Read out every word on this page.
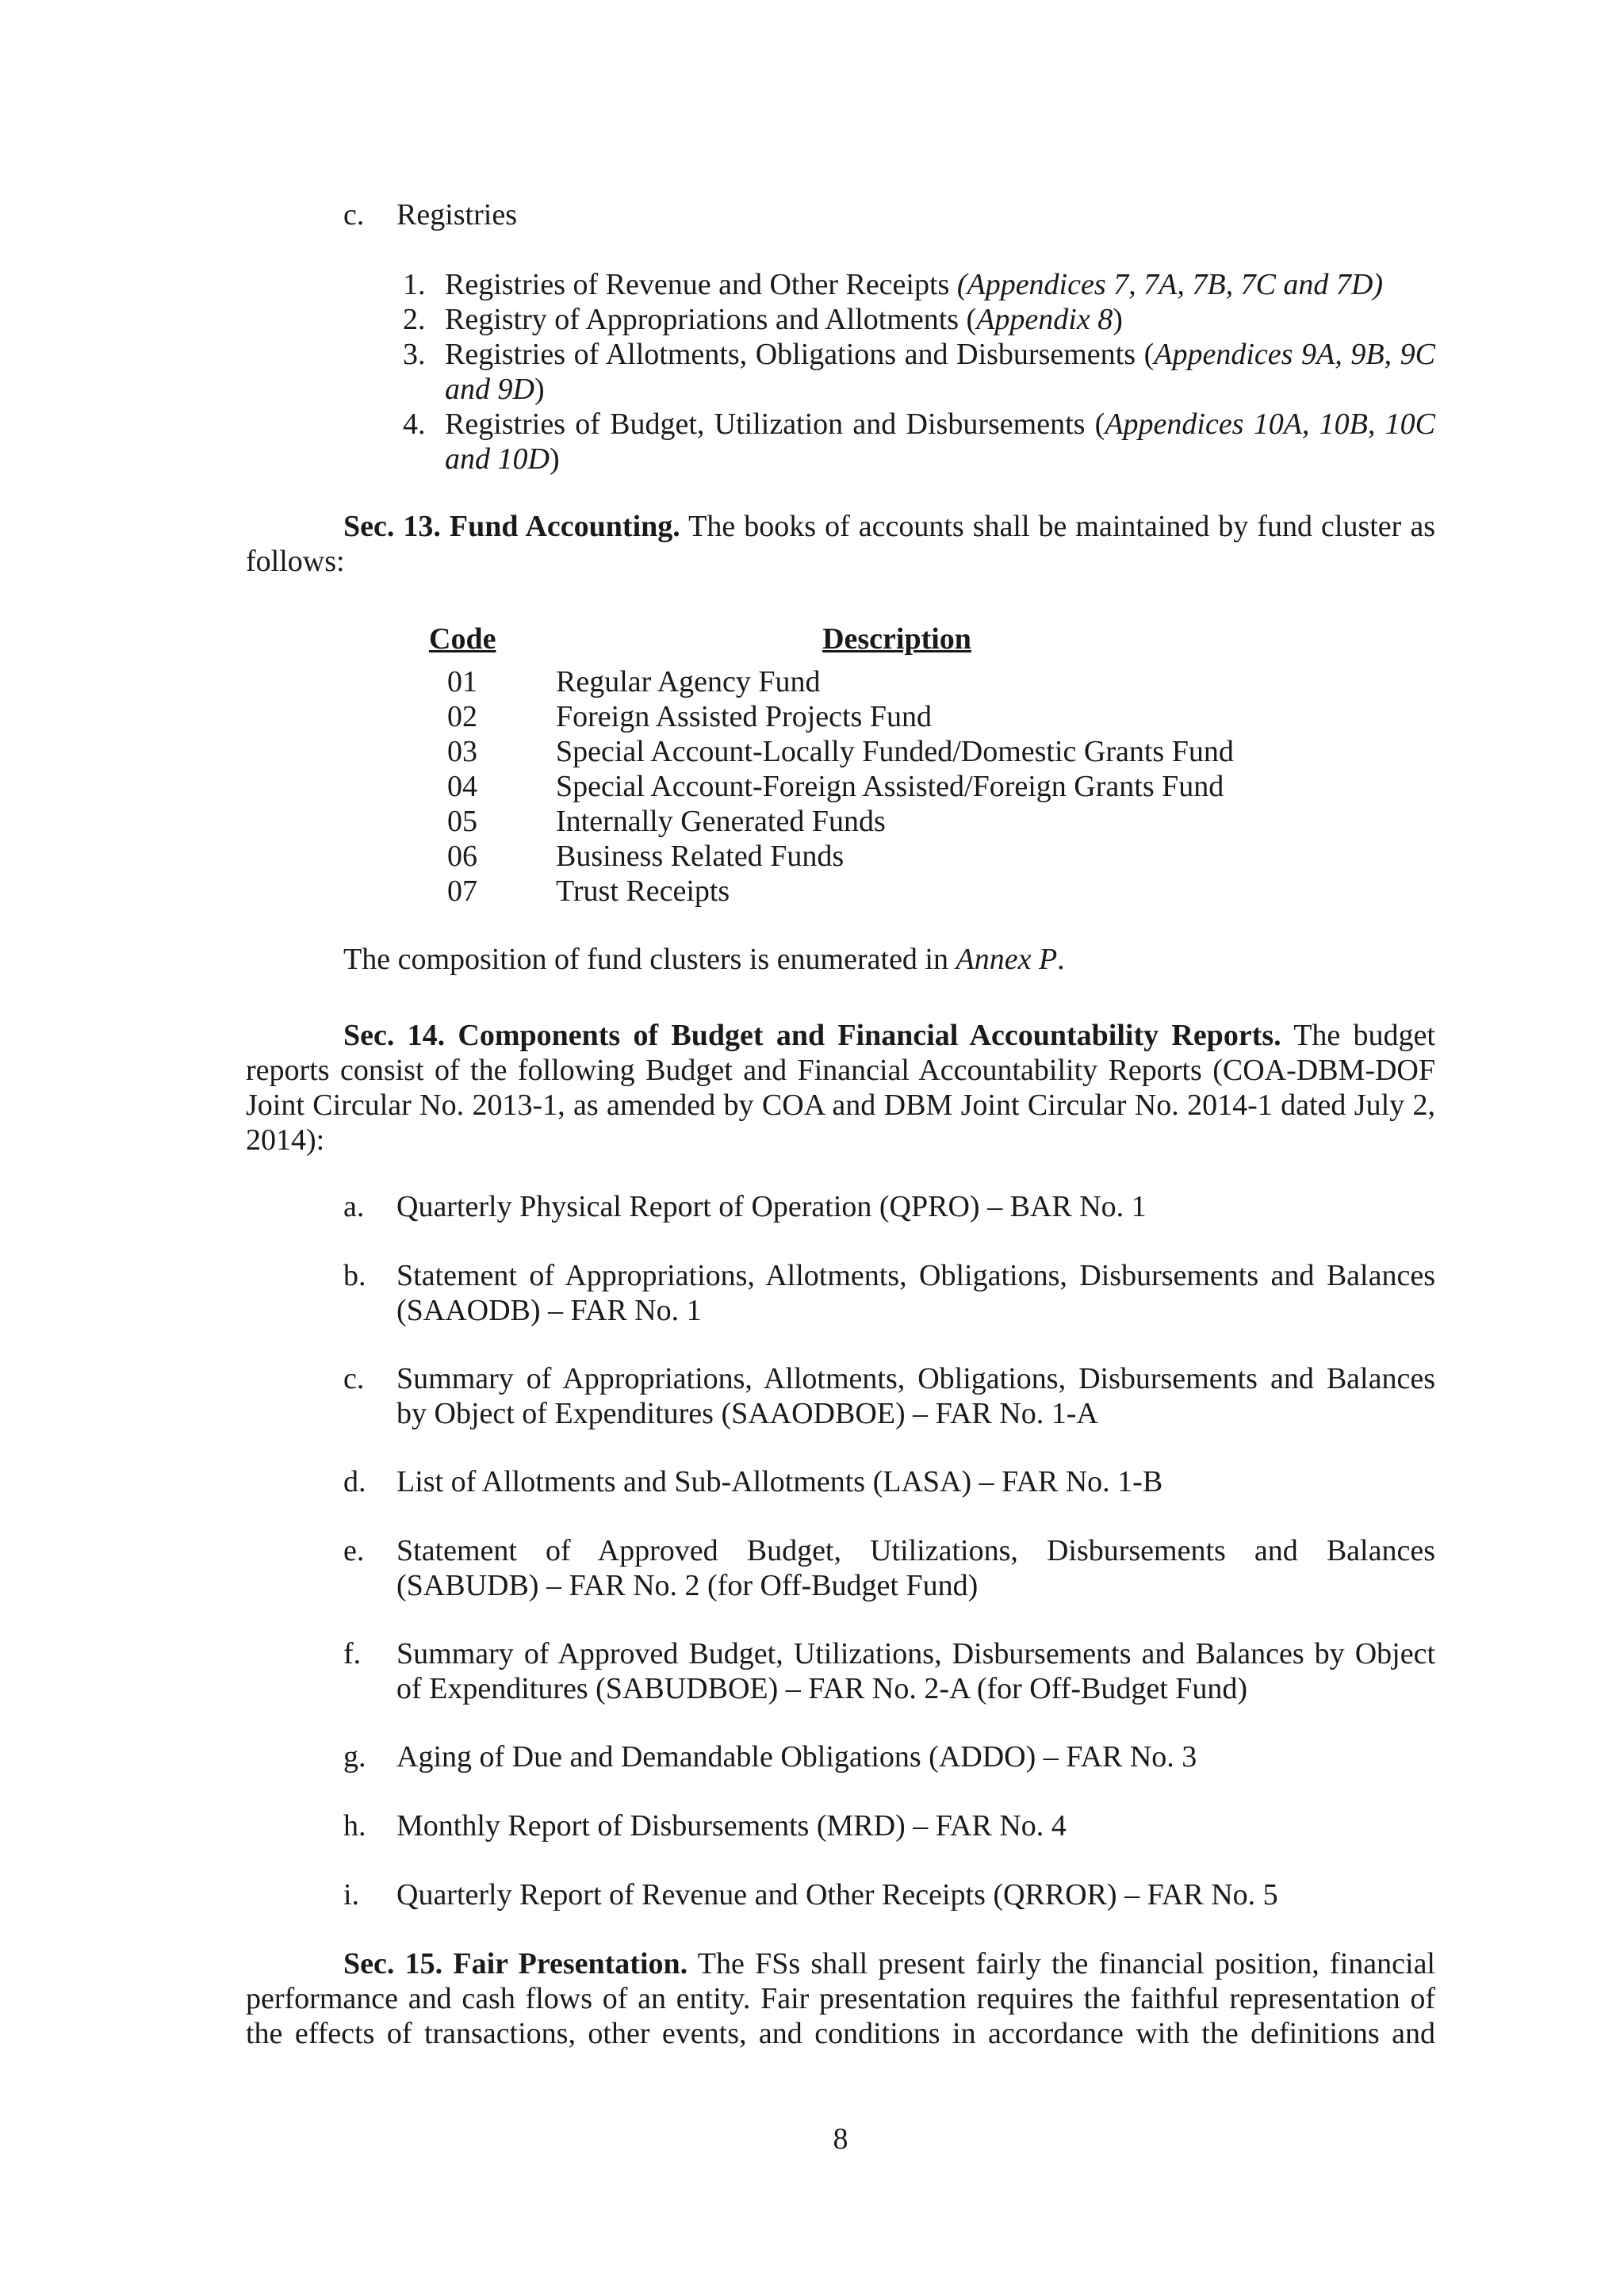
c. Registries
1. Registries of Revenue and Other Receipts (Appendices 7, 7A, 7B, 7C and 7D)
2. Registry of Appropriations and Allotments (Appendix 8)
3. Registries of Allotments, Obligations and Disbursements (Appendices 9A, 9B, 9C and 9D)
4. Registries of Budget, Utilization and Disbursements (Appendices 10A, 10B, 10C and 10D)
Sec. 13. Fund Accounting. The books of accounts shall be maintained by fund cluster as follows:
Code	Description
01	Regular Agency Fund
02	Foreign Assisted Projects Fund
03	Special Account-Locally Funded/Domestic Grants Fund
04	Special Account-Foreign Assisted/Foreign Grants Fund
05	Internally Generated Funds
06	Business Related Funds
07	Trust Receipts
The composition of fund clusters is enumerated in Annex P.
Sec. 14. Components of Budget and Financial Accountability Reports. The budget reports consist of the following Budget and Financial Accountability Reports (COA-DBM-DOF Joint Circular No. 2013-1, as amended by COA and DBM Joint Circular No. 2014-1 dated July 2, 2014):
a. Quarterly Physical Report of Operation (QPRO) – BAR No. 1
b. Statement of Appropriations, Allotments, Obligations, Disbursements and Balances (SAAODB) – FAR No. 1
c. Summary of Appropriations, Allotments, Obligations, Disbursements and Balances by Object of Expenditures (SAAODBOE) – FAR No. 1-A
d. List of Allotments and Sub-Allotments (LASA) – FAR No. 1-B
e. Statement of Approved Budget, Utilizations, Disbursements and Balances (SABUDB) – FAR No. 2 (for Off-Budget Fund)
f. Summary of Approved Budget, Utilizations, Disbursements and Balances by Object of Expenditures (SABUDBOE) – FAR No. 2-A (for Off-Budget Fund)
g. Aging of Due and Demandable Obligations (ADDO) – FAR No. 3
h. Monthly Report of Disbursements (MRD) – FAR No. 4
i. Quarterly Report of Revenue and Other Receipts (QRROR) – FAR No. 5
Sec. 15. Fair Presentation. The FSs shall present fairly the financial position, financial performance and cash flows of an entity. Fair presentation requires the faithful representation of the effects of transactions, other events, and conditions in accordance with the definitions and
8
